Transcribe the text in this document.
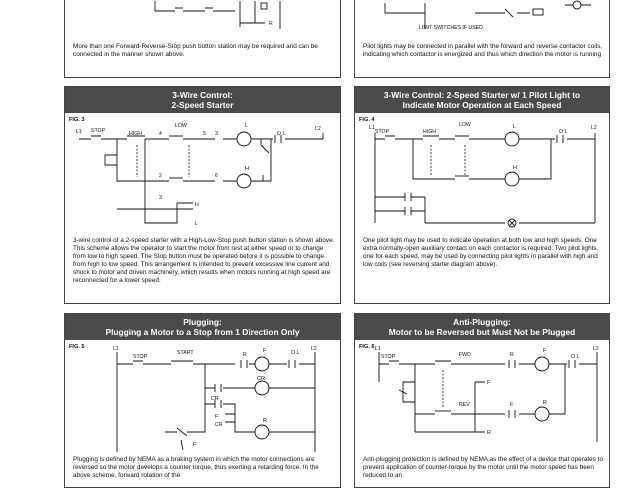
R
More than one Forward-Reverse-Stop push button station may be required and can be connected in the manner shown above.
LIMIT SWITCHES IF USED
Pilot lights may be connected in parallel with the forward and reverse contactor coils, indicating which contactor is energized and thus which direction the motor is running.
3-Wire Control:
2-Speed Starter
FIG. 3
L1	L2
STOP	HIGH
LOW
O L
4	5 3
2
3
6
L
H
H
L
3-wire control of a 2-speed starter with a High-Low-Stop push button station is shown above. This scheme allows the operator to start the motor from rest at either speed or to change from low to high speed. The Stop button must be operated before it is possible to change from high to low speed. This arrangement is intended to prevent excessive line current and shock to motor and driven machinery, which results when motors running at high speed are reconnected for a lower speed.
3-Wire Control: 2-Speed Starter w/ 1 Pilot Light to
Indicate Motor Operation at Each Speed
FIG. 4
L1	L2
STOP	HIGH
LOW
O L
L
H
One pilot light may be used to indicate operation at both low and high speeds. One extra normally-open auxiliary contact on each contactor is required. Two pilot lights, one for each speed, may be used by connecting pilot lights in parallel with high and low coils (see reversing starter diagram above).
Plugging:
Plugging a Motor to a Stop from 1 Direction Only
FIG. 5	L1	L2
STOP
START	O L
R
F
CR
CR
R
F
CR
F
Plugging is defined by NEMA as a braking system in which the motor connections are reversed so the motor develops a counter torque, thus exerting a retarding force. In the above scheme, forward rotation of the
Anti-Plugging:
Motor to be Reversed but Must Not be Plugged
FIG. 6 L1	L2
STOP	FWD
REV
O L
R
F
F	R
F
R
Anti-plugging protection is defined by NEMA as the effect of a device that operates to prevent application of counter-torque by the motor until the motor speed has been reduced to an
